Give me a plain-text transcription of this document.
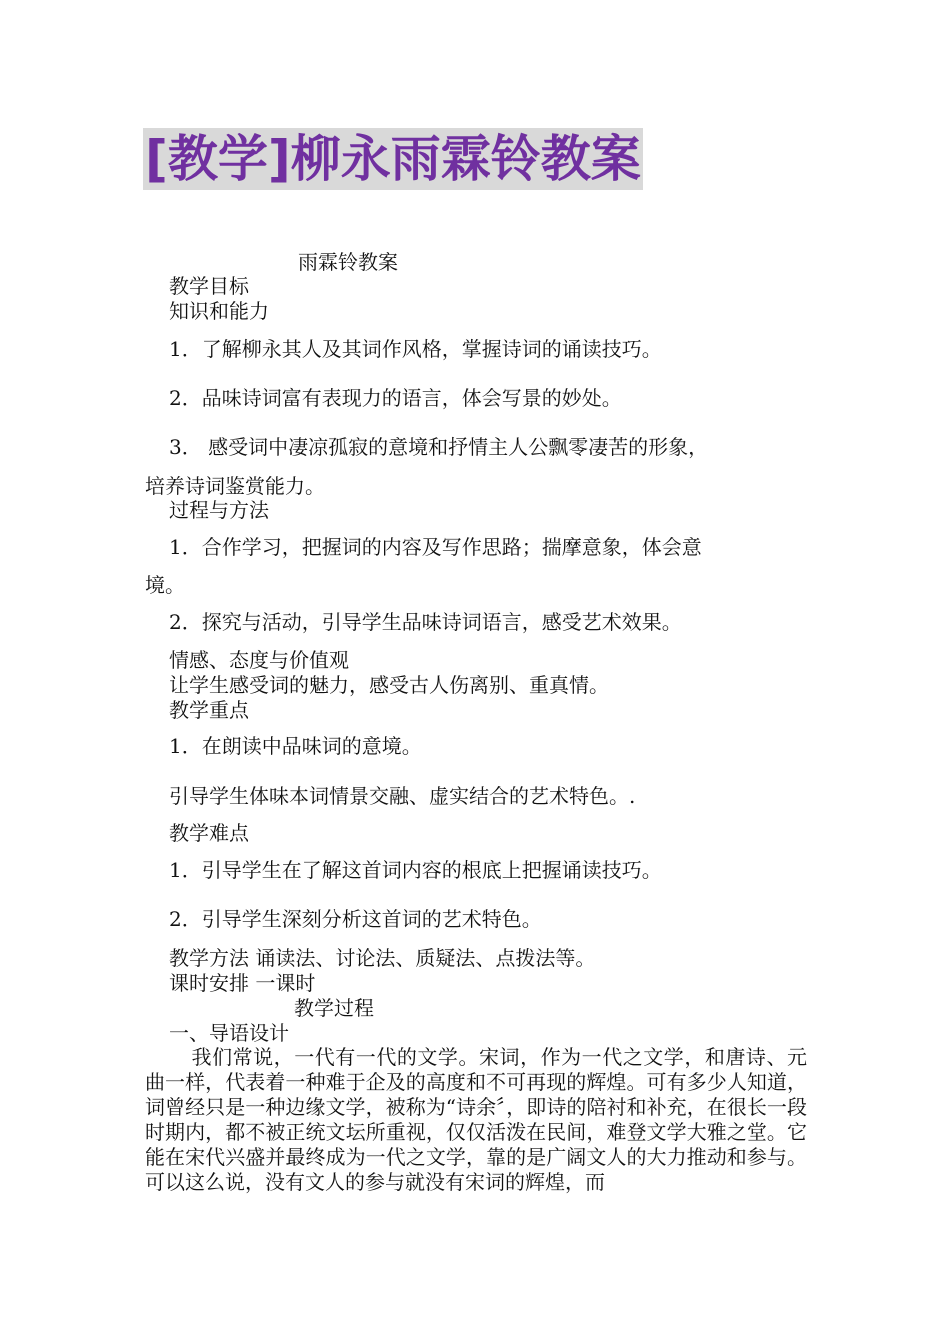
[教学]柳永雨霖铃教案
雨霖铃教案
教学目标
知识和能力
1．了解柳永其人及其词作风格，掌握诗词的诵读技巧。
2．品味诗词富有表现力的语言，体会写景的妙处。
3． 感受词中凄凉孤寂的意境和抒情主人公飘零凄苦的形象，
培养诗词鉴赏能力。
过程与方法
1．合作学习，把握词的内容及写作思路；揣摩意象，体会意
境。
2．探究与活动，引导学生品味诗词语言，感受艺术效果。
情感、态度与价值观
让学生感受词的魅力，感受古人伤离别、重真情。
教学重点
1．在朗读中品味词的意境。
引导学生体味本词情景交融、虚实结合的艺术特色。.
教学难点
1．引导学生在了解这首词内容的根底上把握诵读技巧。
2．引导学生深刻分析这首词的艺术特色。
教学方法 诵读法、讨论法、质疑法、点拨法等。
课时安排 一课时
教学过程
一、导语设计
我们常说，一代有一代的文学。宋词，作为一代之文学，和唐诗、元曲一样，代表着一种难于企及的高度和不可再现的辉煌。可有多少人知道，词曾经只是一种边缘文学，被称为“诗余〞，即诗的陪衬和补充，在很长一段时期内，都不被正统文坛所重视，仅仅活泼在民间，难登文学大雅之堂。它能在宋代兴盛并最终成为一代之文学，靠的是广阔文人的大力推动和参与。可以这么说，没有文人的参与就没有宋词的辉煌，而
